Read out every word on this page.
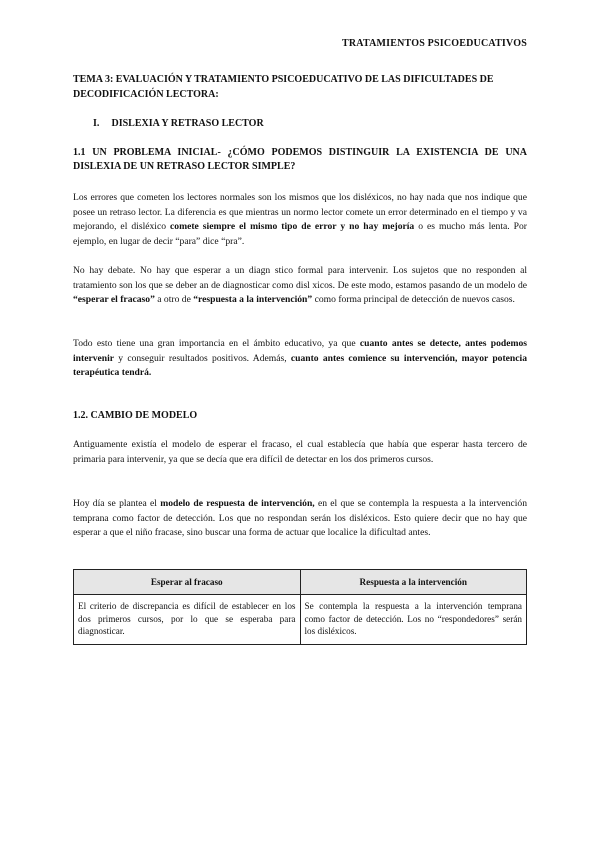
TRATAMIENTOS PSICOEDUCATIVOS
TEMA 3: EVALUACIÓN Y TRATAMIENTO PSICOEDUCATIVO DE LAS DIFICULTADES DE DECODIFICACIÓN LECTORA:
I. DISLEXIA Y RETRASO LECTOR
1.1 UN PROBLEMA INICIAL- ¿CÓMO PODEMOS DISTINGUIR LA EXISTENCIA DE UNA DISLEXIA DE UN RETRASO LECTOR SIMPLE?
Los errores que cometen los lectores normales son los mismos que los disléxicos, no hay nada que nos indique que posee un retraso lector. La diferencia es que mientras un normo lector comete un error determinado en el tiempo y va mejorando, el disléxico comete siempre el mismo tipo de error y no hay mejoría o es mucho más lenta. Por ejemplo, en lugar de decir “para” dice “pra”.
No hay debate. No hay que esperar a un diagn stico formal para intervenir. Los sujetos que no responden al tratamiento son los que se deber an de diagnosticar como disl xicos. De este modo, estamos pasando de un modelo de “esperar el fracaso” a otro de “respuesta a la intervención” como forma principal de detección de nuevos casos.
Todo esto tiene una gran importancia en el ámbito educativo, ya que cuanto antes se detecte, antes podemos intervenir y conseguir resultados positivos. Además, cuanto antes comience su intervención, mayor potencia terapéutica tendrá.
1.2. CAMBIO DE MODELO
Antiguamente existía el modelo de esperar el fracaso, el cual establecía que había que esperar hasta tercero de primaria para intervenir, ya que se decía que era difícil de detectar en los dos primeros cursos.
Hoy día se plantea el modelo de respuesta de intervención, en el que se contempla la respuesta a la intervención temprana como factor de detección. Los que no respondan serán los disléxicos. Esto quiere decir que no hay que esperar a que el niño fracase, sino buscar una forma de actuar que localice la dificultad antes.
Esperar al fracaso	Respuesta a la intervención
El criterio de discrepancia es difícil de establecer en los dos primeros cursos, por lo que se esperaba para diagnosticar.	Se contempla la respuesta a la intervención temprana como factor de detección. Los no “respondedores” serán los disléxicos.
